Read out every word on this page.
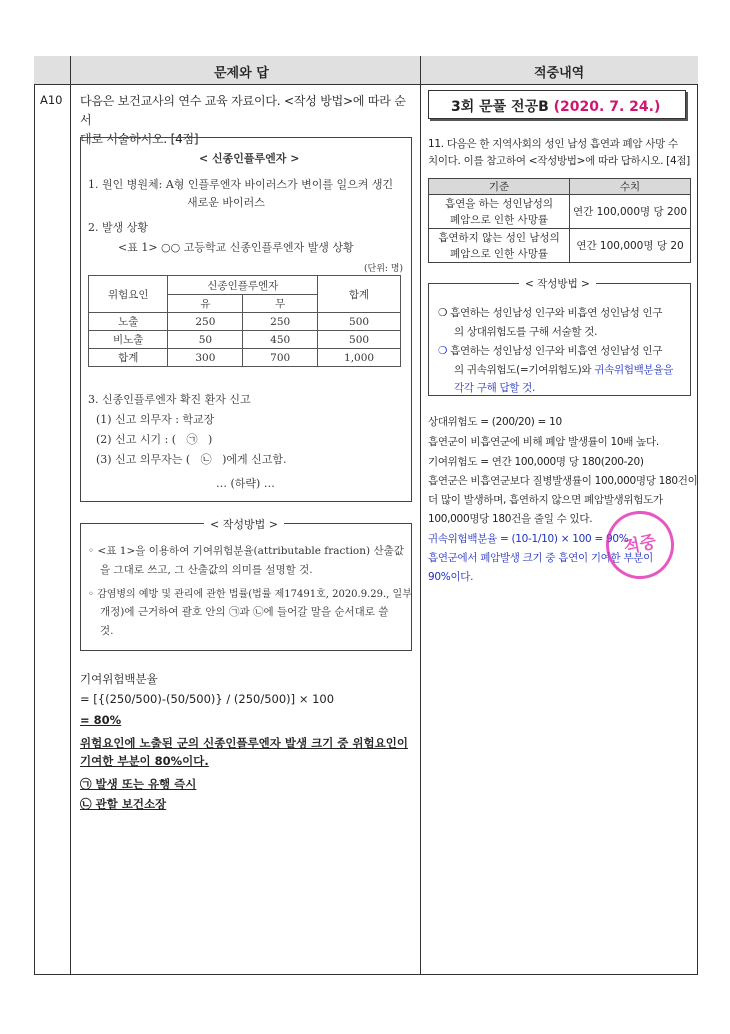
문제와 답	적중내역
A10 다음은 보건교사의 연수 교육 자료이다. <작성 방법>에 따라 순서
대로 서술하시오. [4점]
< 신종인플루엔자 >
1. 원인 병원체: A형 인플루엔자 바이러스가 변이를 일으켜 생긴
새로운 바이러스
2. 발생 상황
<표 1> ○○ 고등학교 신종인플루엔자 발생 상황
(단위: 명)
위험요인	신종인플루엔자		합계
	유	무	
노출	250	250	500
비노출	50	450	500
합계	300	700	1,000
3. 신종인플루엔자 확진 환자 신고
(1) 신고 의무자 : 학교장
(2) 신고 시기 : (   ㉠   )
(3) 신고 의무자는 (   ㉡   )에게 신고함.
… (하략) …
< 작성방법 >
◦ <표 1>을 이용하여 기여위험분율(attributable fraction) 산출값
을 그대로 쓰고, 그 산출값의 의미를 설명할 것.
◦ 감염병의 예방 및 관리에 관한 법률(법률 제17491호, 2020.9.29., 일부
개정)에 근거하여 괄호 안의 ㉠과 ㉡에 들어갈 말을 순서대로 쓸
것.
기여위험백분율
= [{(250/500)-(50/500)} / (250/500)] × 100
= 80%
위험요인에 노출된 군의 신종인플루엔자 발생 크기 중 위험요인이
기여한 부분이 80%이다.
㉠ 발생 또는 유행 즉시
㉡ 관할 보건소장
3회 문풀 전공B (2020. 7. 24.)
11. 다음은 한 지역사회의 성인 남성 흡연과 폐암 사망 수
치이다. 이를 참고하여 <작성방법>에 따라 답하시오. [4점]
기준	수치

흡연을 하는 성인남성의
폐암으로 인한 사망률	연간 100,000명 당 200

흡연하지 않는 성인 남성의
폐암으로 인한 사망률	연간 100,000명 당 20
< 작성방법 >
❍ 흡연하는 성인남성 인구와 비흡연 성인남성 인구
의 상대위험도를 구해 서술할 것.
❍ 흡연하는 성인남성 인구와 비흡연 성인남성 인구
의 귀속위험도(=기여위험도)와 귀속위험백분율을
각각 구해 답할 것.
상대위험도 = (200/20) = 10
흡연군이 비흡연군에 비해 폐암 발생률이 10배 높다.
기여위험도 = 연간 100,000명 당 180(200-20)
흡연군은 비흡연군보다 질병발생률이 100,000명당 180건이
더 많이 발생하며, 흡연하지 않으면 폐암발생위험도가
100,000명당 180건을 줄일 수 있다.
귀속위험백분율 = (10-1/10) × 100 = 90%
흡연군에서 폐암발생 크기 중 흡연이 기여한 부분이
90%이다.
적중
